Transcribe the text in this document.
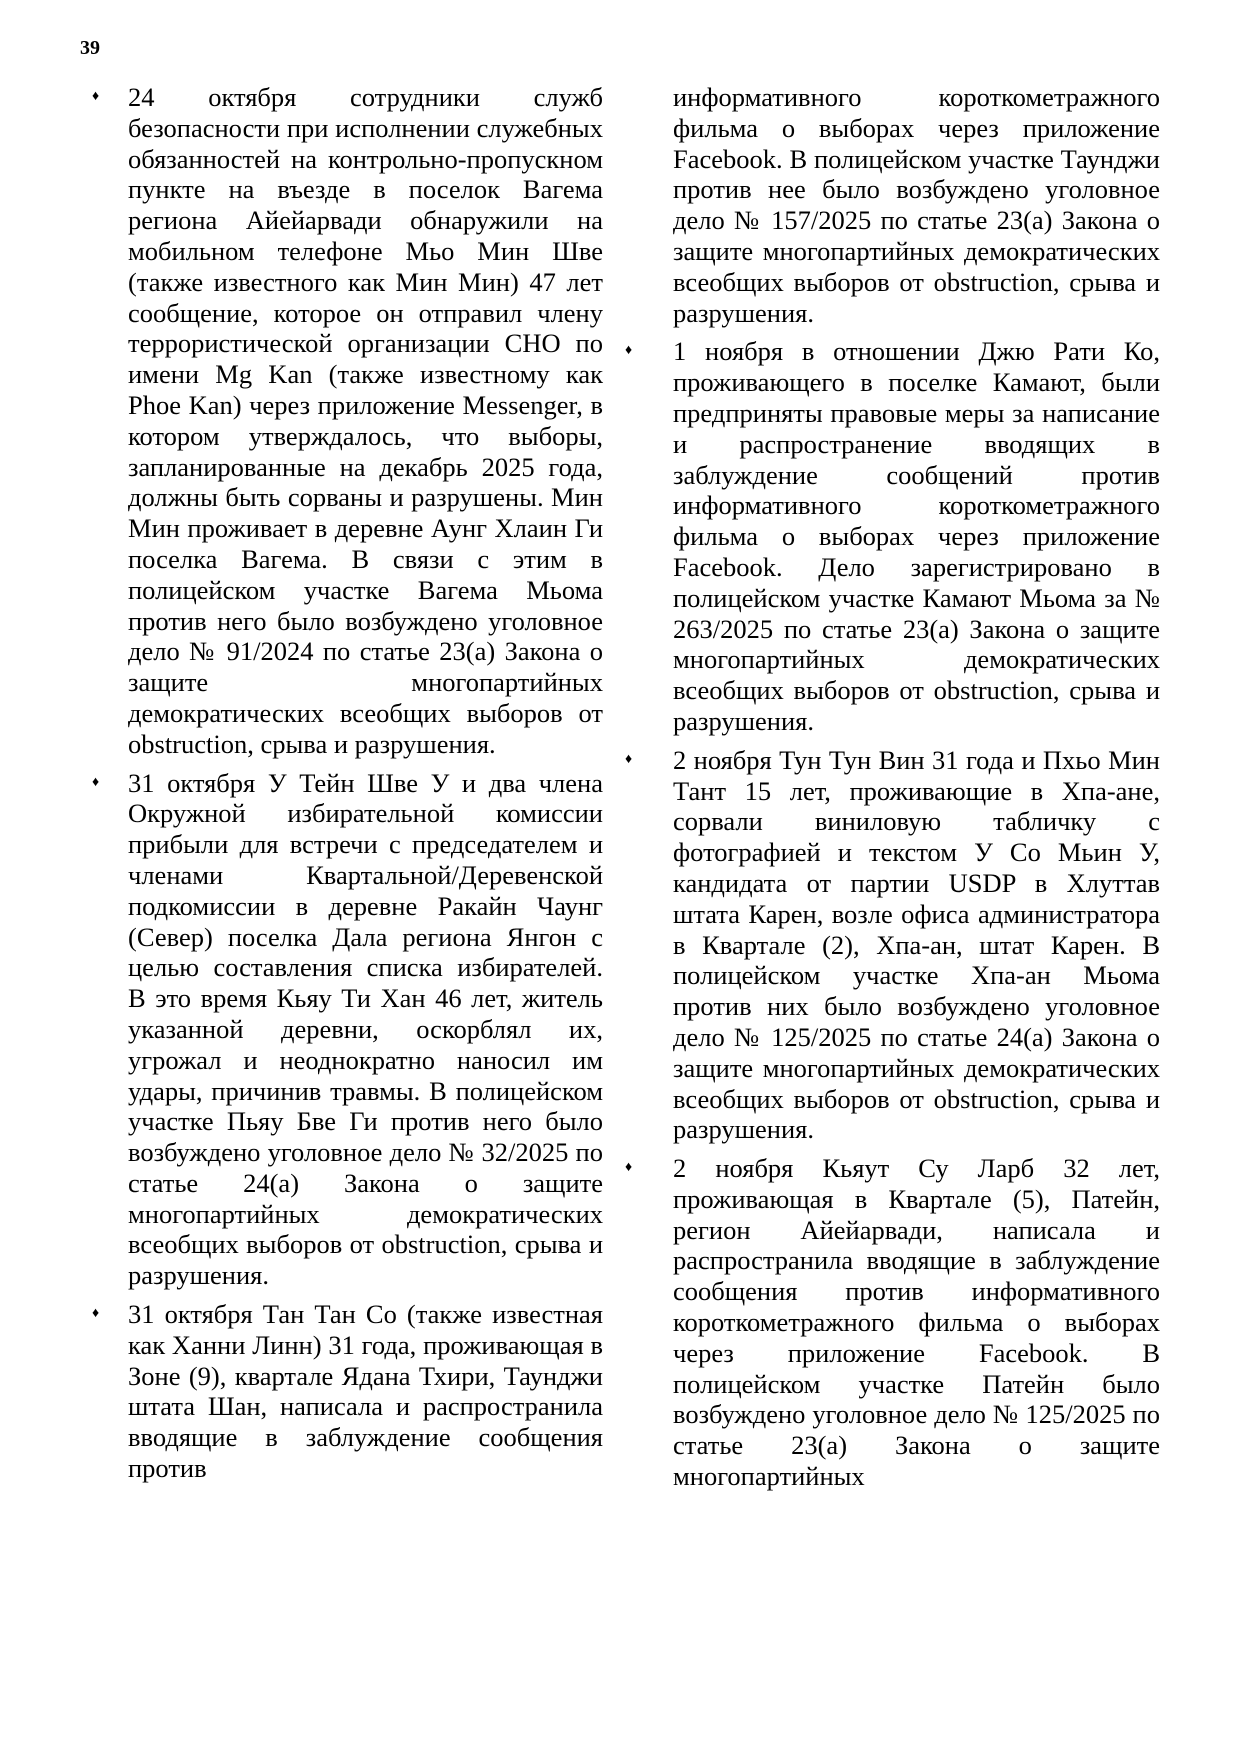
39
♦ 24 октября сотрудники служб безопасности при исполнении служебных обязанностей на контрольно-пропускном пункте на въезде в поселок Вагема региона Айейарвади обнаружили на мобильном телефоне Мьо Мин Шве (также известного как Мин Мин) 47 лет сообщение, которое он отправил члену террористической организации CHO по имени Mg Kan (также известному как Phoe Kan) через приложение Messenger, в котором утверждалось, что выборы, запланированные на декабрь 2025 года, должны быть сорваны и разрушены. Мин Мин проживает в деревне Аунг Хлаин Ги поселка Вагема. В связи с этим в полицейском участке Вагема Мьома против него было возбуждено уголовное дело № 91/2024 по статье 23(a) Закона о защите многопартийных демократических всеобщих выборов от obstruction, срыва и разрушения.
♦ 31 октября У Тейн Шве У и два члена Окружной избирательной комиссии прибыли для встречи с председателем и членами Квартальной/Деревенской подкомиссии в деревне Ракайн Чаунг (Север) поселка Дала региона Янгон с целью составления списка избирателей. В это время Кьяу Ти Хан 46 лет, житель указанной деревни, оскорблял их, угрожал и неоднократно наносил им удары, причинив травмы. В полицейском участке Пьяу Бве Ги против него было возбуждено уголовное дело № 32/2025 по статье 24(a) Закона о защите многопартийных демократических всеобщих выборов от obstruction, срыва и разрушения.
♦ 31 октября Тан Тан Со (также известная как Ханни Линн) 31 года, проживающая в Зоне (9), квартале Ядана Тхири, Таунджи штата Шан, написала и распространила вводящие в заблуждение сообщения против
информативного короткометражного фильма о выборах через приложение Facebook. В полицейском участке Таунджи против нее было возбуждено уголовное дело № 157/2025 по статье 23(a) Закона о защите многопартийных демократических всеобщих выборов от obstruction, срыва и разрушения.
♦ 1 ноября в отношении Джю Рати Ко, проживающего в поселке Камают, были предприняты правовые меры за написание и распространение вводящих в заблуждение сообщений против информативного короткометражного фильма о выборах через приложение Facebook. Дело зарегистрировано в полицейском участке Камают Мьома за № 263/2025 по статье 23(a) Закона о защите многопартийных демократических всеобщих выборов от obstruction, срыва и разрушения.
♦ 2 ноября Тун Тун Вин 31 года и Пхьо Мин Тант 15 лет, проживающие в Хпа-ане, сорвали виниловую табличку с фотографией и текстом У Со Мьин У, кандидата от партии USDP в Хлуттав штата Карен, возле офиса администратора в Квартале (2), Хпа-ан, штат Карен. В полицейском участке Хпа-ан Мьома против них было возбуждено уголовное дело № 125/2025 по статье 24(a) Закона о защите многопартийных демократических всеобщих выборов от obstruction, срыва и разрушения.
♦ 2 ноября Кьяут Су Ларб 32 лет, проживающая в Квартале (5), Патейн, регион Айейарвади, написала и распространила вводящие в заблуждение сообщения против информативного короткометражного фильма о выборах через приложение Facebook. В полицейском участке Патейн было возбуждено уголовное дело № 125/2025 по статье 23(a) Закона о защите многопартийных
